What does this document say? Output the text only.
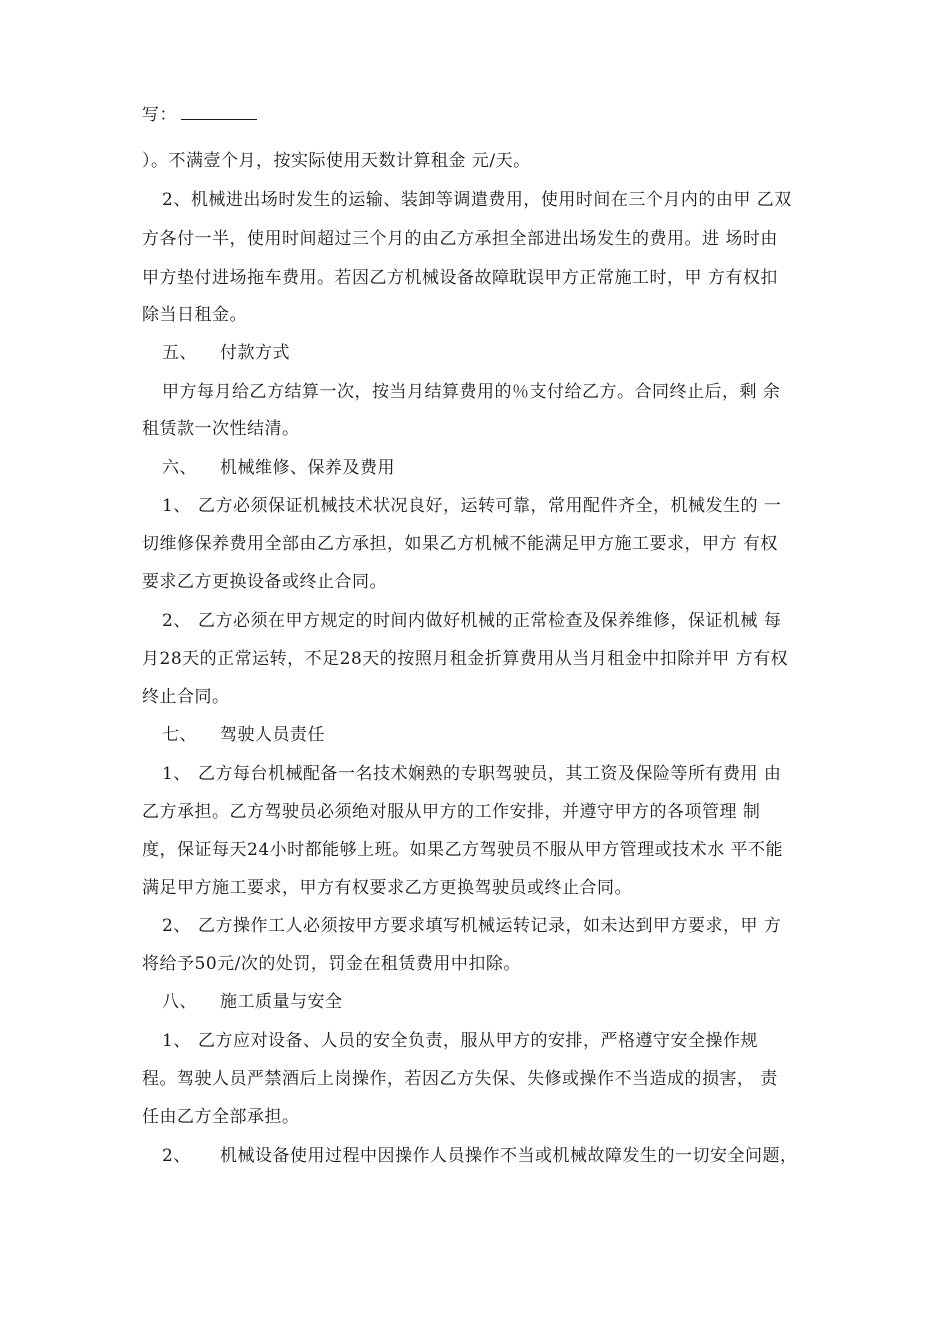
写：
）。不满壹个月，按实际使用天数计算租金 元/天。
2、机械进出场时发生的运输、装卸等调遣费用，使用时间在三个月内的由甲 乙双
方各付一半，使用时间超过三个月的由乙方承担全部进出场发生的费用。进 场时由
甲方垫付进场拖车费用。若因乙方机械设备故障耽误甲方正常施工时，甲 方有权扣
除当日租金。
五、 付款方式
甲方每月给乙方结算一次，按当月结算费用的％支付给乙方。合同终止后，剩 余
租赁款一次性结清。
六、 机械维修、保养及费用
1、 乙方必须保证机械技术状况良好，运转可靠，常用配件齐全，机械发生的 一
切维修保养费用全部由乙方承担，如果乙方机械不能满足甲方施工要求，甲方 有权
要求乙方更换设备或终止合同。
2、 乙方必须在甲方规定的时间内做好机械的正常检查及保养维修，保证机械 每
月28天的正常运转，不足28天的按照月租金折算费用从当月租金中扣除并甲 方有权
终止合同。
七、 驾驶人员责任
1、 乙方每台机械配备一名技术娴熟的专职驾驶员，其工资及保险等所有费用 由
乙方承担。乙方驾驶员必须绝对服从甲方的工作安排，并遵守甲方的各项管理 制
度，保证每天24小时都能够上班。如果乙方驾驶员不服从甲方管理或技术水 平不能
满足甲方施工要求，甲方有权要求乙方更换驾驶员或终止合同。
2、 乙方操作工人必须按甲方要求填写机械运转记录，如未达到甲方要求，甲 方
将给予50元/次的处罚，罚金在租赁费用中扣除。
八、 施工质量与安全
1、 乙方应对设备、人员的安全负责，服从甲方的安排，严格遵守安全操作规
程。驾驶人员严禁酒后上岗操作，若因乙方失保、失修或操作不当造成的损害， 责
任由乙方全部承担。
2、 机械设备使用过程中因操作人员操作不当或机械故障发生的一切安全问题，
